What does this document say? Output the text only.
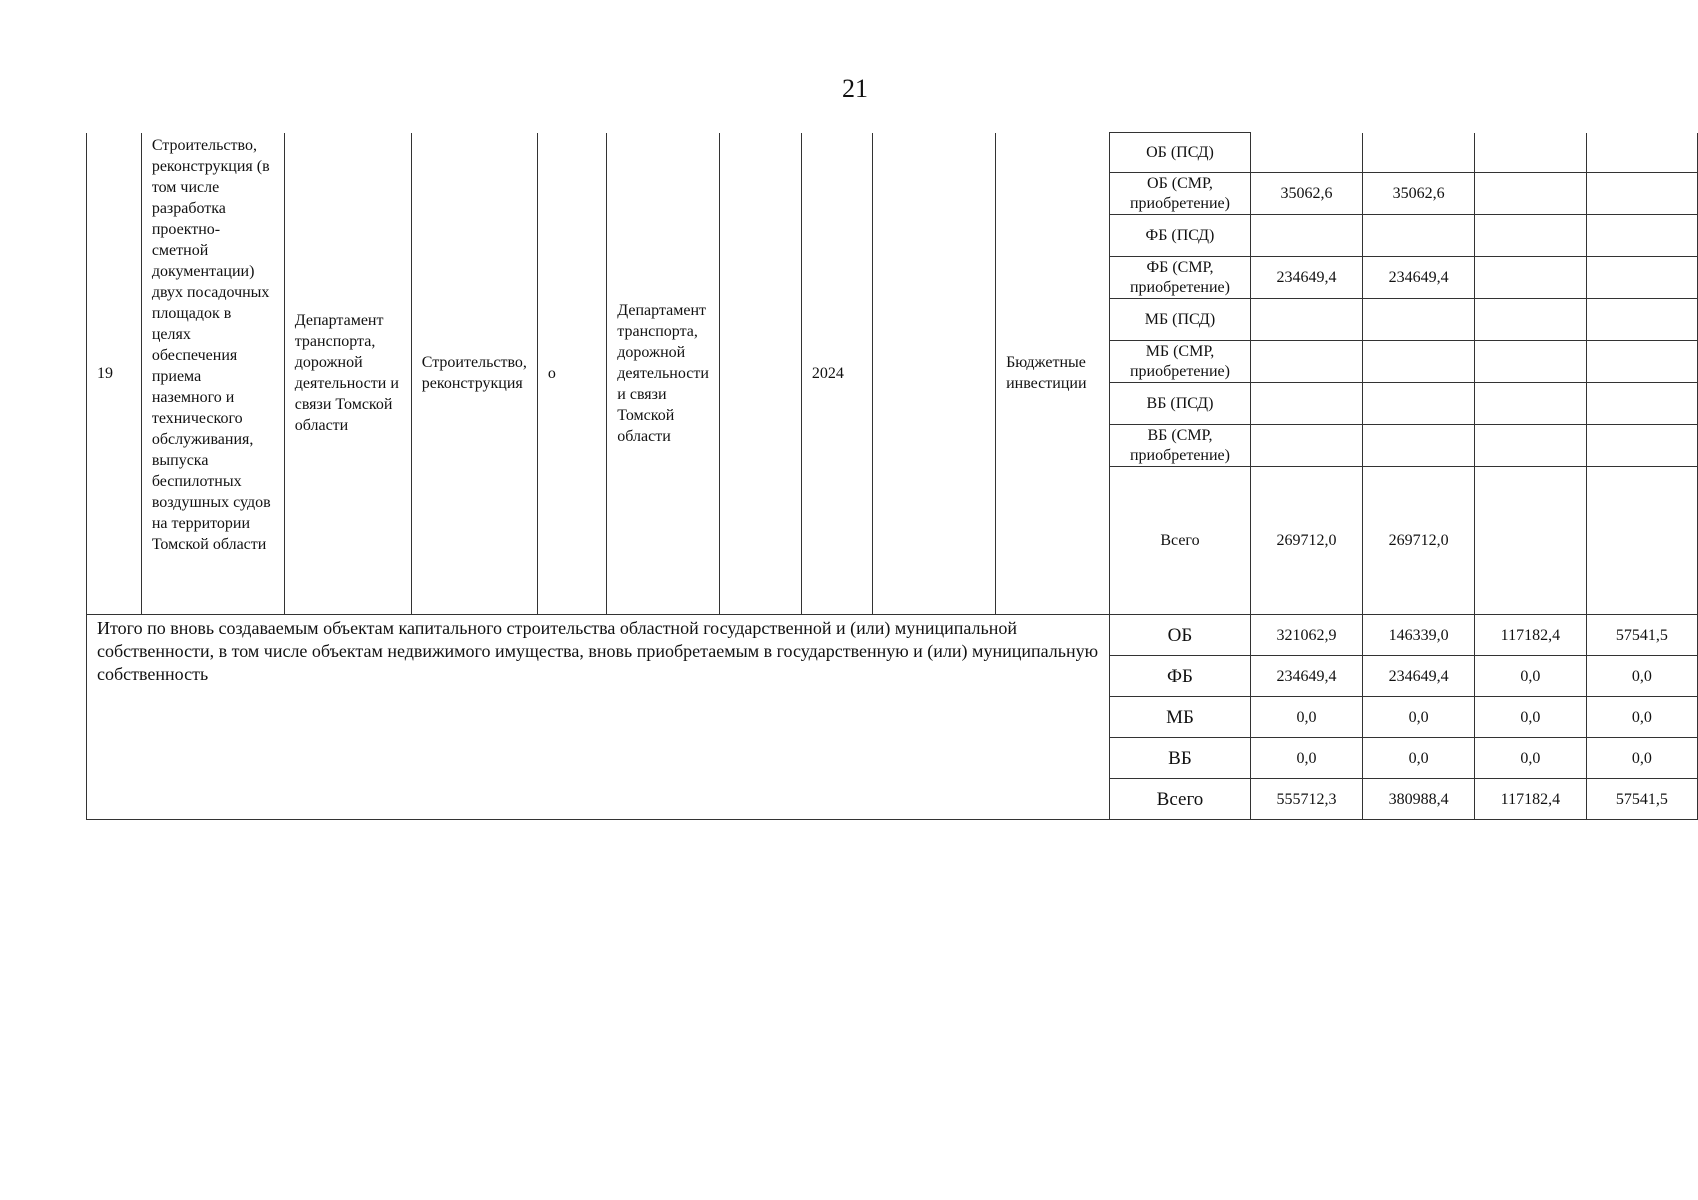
21
19	Строительство, реконструкция (в том числе разработка проектно-сметной документации) двух посадочных площадок в целях обеспечения приема наземного и технического обслуживания, выпуска беспилотных воздушных судов на территории Томской области	Департамент транспорта, дорожной деятельности и связи Томской области	Строительство, реконструкция	о	Департамент транспорта, дорожной деятельности и связи Томской области		2024		Бюджетные инвестиции	ОБ (ПСД)				
										ОБ (СМР, приобретение)	35062,6	35062,6		
										ФБ (ПСД)				
										ФБ (СМР, приобретение)	234649,4	234649,4		
										МБ (ПСД)				
										МБ (СМР, приобретение)				
										ВБ (ПСД)				
										ВБ (СМР, приобретение)				
										Всего	269712,0	269712,0		
Итого по вновь создаваемым объектам капитального строительства областной государственной и (или) муниципальной собственности, в том числе объектам недвижимого имущества, вновь приобретаемым в государственную и (или) муниципальную собственность										ОБ	321062,9	146339,0	117182,4	57541,5
										ФБ	234649,4	234649,4	0,0	0,0
										МБ	0,0	0,0	0,0	0,0
										ВБ	0,0	0,0	0,0	0,0
										Всего	555712,3	380988,4	117182,4	57541,5
